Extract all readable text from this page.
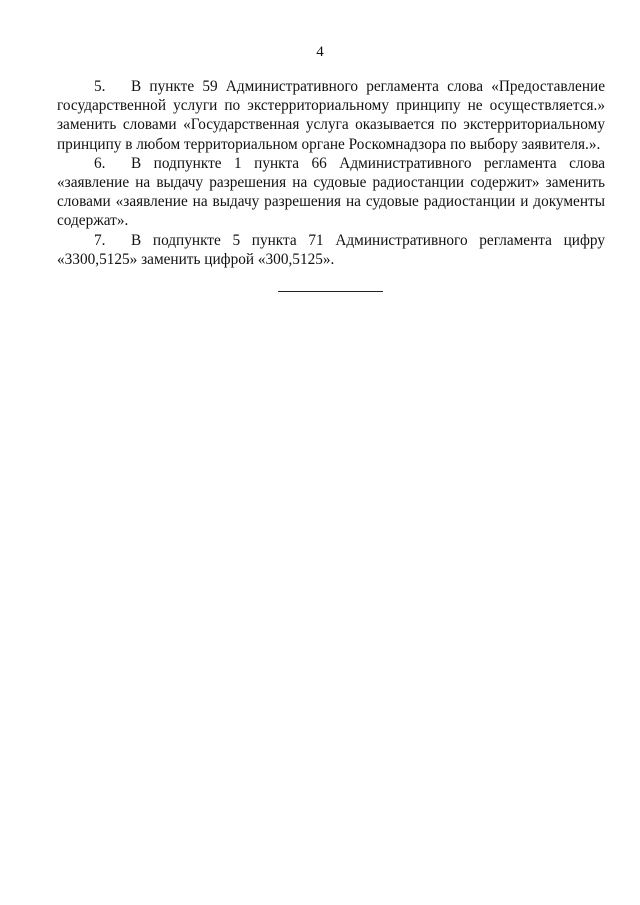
4

5. В пункте 59 Административного регламента слова «Предоставление государственной услуги по экстерриториальному принципу не осуществляется.» заменить словами «Государственная услуга оказывается по экстерриториальному принципу в любом территориальном органе Роскомнадзора по выбору заявителя.».

6. В подпункте 1 пункта 66 Административного регламента слова «заявление на выдачу разрешения на судовые радиостанции содержит» заменить словами «заявление на выдачу разрешения на судовые радиостанции и документы содержат».

7. В подпункте 5 пункта 71 Административного регламента цифру «3300,5125» заменить цифрой «300,5125».
